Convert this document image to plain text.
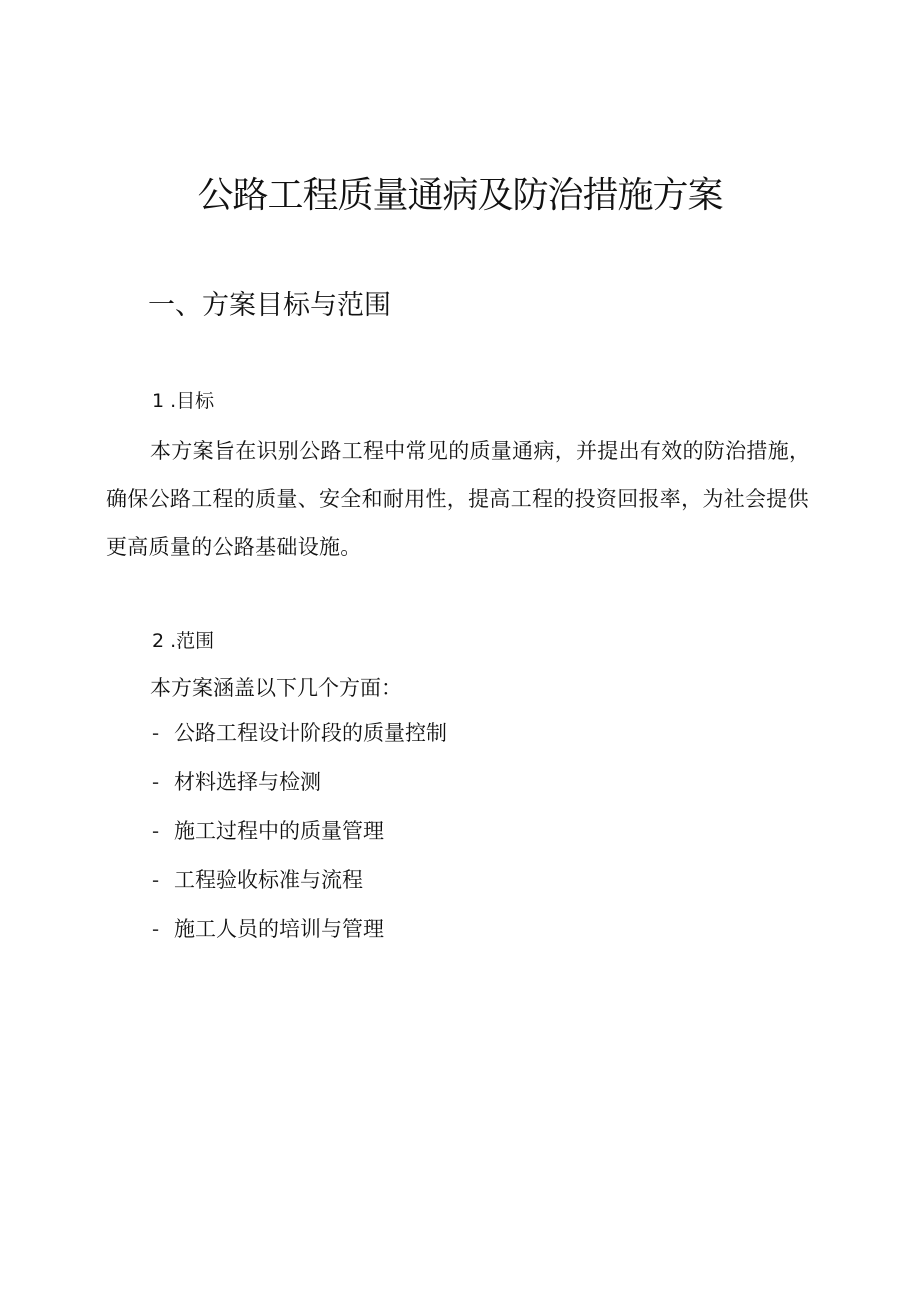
公路工程质量通病及防治措施方案
一、方案目标与范围
1.目标

本方案旨在识别公路工程中常见的质量通病，并提出有效的防治措施，确保公路工程的质量、安全和耐用性，提高工程的投资回报率，为社会提供更高质量的公路基础设施。

2.范围

本方案涵盖以下几个方面：

- 公路工程设计阶段的质量控制
- 材料选择与检测
- 施工过程中的质量管理
- 工程验收标准与流程
- 施工人员的培训与管理
